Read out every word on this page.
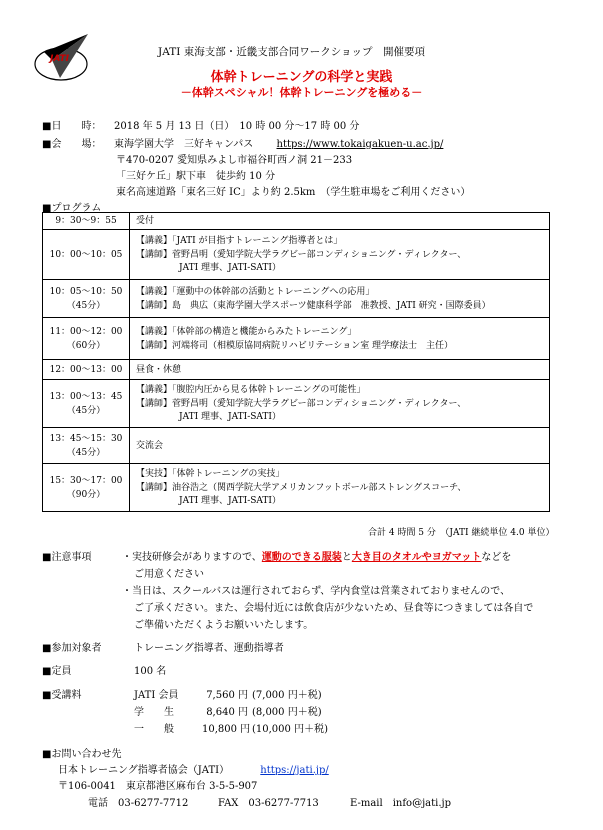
JATI
JATI 東海支部・近畿支部合同ワークショップ　開催要項
体幹トレーニングの科学と実践
－体幹スペシャル！体幹トレーニングを極める－
■日　　時： 2018 年 5 月 13 日（日）　10 時 00 分～17 時 00 分
■会　　場： 東海学園大学　三好キャンパス https://www.tokaigakuen-u.ac.jp/
〒470-0207 愛知県みよし市福谷町西ノ洞 21－233
「三好ケ丘」駅下車　徒歩約 10 分
東名高速道路「東名三好 IC」より約 2.5km　（学生駐車場をご利用ください）
■プログラム
9：30～9：55	受付

10：00～10：05	【講義】「JATI が目指すトレーニング指導者とは」
【講師】菅野昌明（愛知学院大学ラグビー部コンディショニング・ディレクター、
JATI 理事、JATI-SATI）

10：05～10：50
（45分）	【講義】「運動中の体幹部の活動とトレーニングへの応用」
【講師】島　典広（東海学園大学スポーツ健康科学部　准教授、JATI 研究・国際委員）

11：00～12：00
（60分）	【講義】「体幹部の構造と機能からみたトレーニング」
【講師】河端将司（相模原協同病院リハビリテーション室 理学療法士　主任）

12：00～13：00	昼食・休憩

13：00～13：45
（45分）	【講義】「腹腔内圧から見る体幹トレーニングの可能性」
【講師】菅野昌明（愛知学院大学ラグビー部コンディショニング・ディレクター、
JATI 理事、JATI-SATI）

13：45～15：30
（45分）	交流会

15：30～17：00
（90分）	【実技】「体幹トレーニングの実技」
【講師】油谷浩之（関西学院大学アメリカンフットボール部ストレングスコーチ、
JATI 理事、JATI-SATI）
合計 4 時間 5 分　（JATI 継続単位 4.0 単位）
■注意事項	・実技研修会がありますので、運動のできる服装と大き目のタオルやヨガマットなどを
ご用意ください
・当日は、スクールバスは運行されておらず、学内食堂は営業されておりませんので、
ご了承ください。また、会場付近には飲食店が少ないため、昼食等につきましては各自で
ご準備いただくようお願いいたします。
■参加対象者	トレーニング指導者、運動指導者
■定員	100 名
■受講料	JATI 会員	7,560 円 (7,000 円＋税)
学　　生	8,640 円 (8,000 円＋税)
一　　般	10,800 円 (10,000 円＋税)
■お問い合わせ先
日本トレーニング指導者協会（JATI）	https://jati.jp/
〒106-0041　東京都港区麻布台 3-5-5-907
電話　03-6277-7712	FAX　03-6277-7713	E-mail　info@jati.jp
